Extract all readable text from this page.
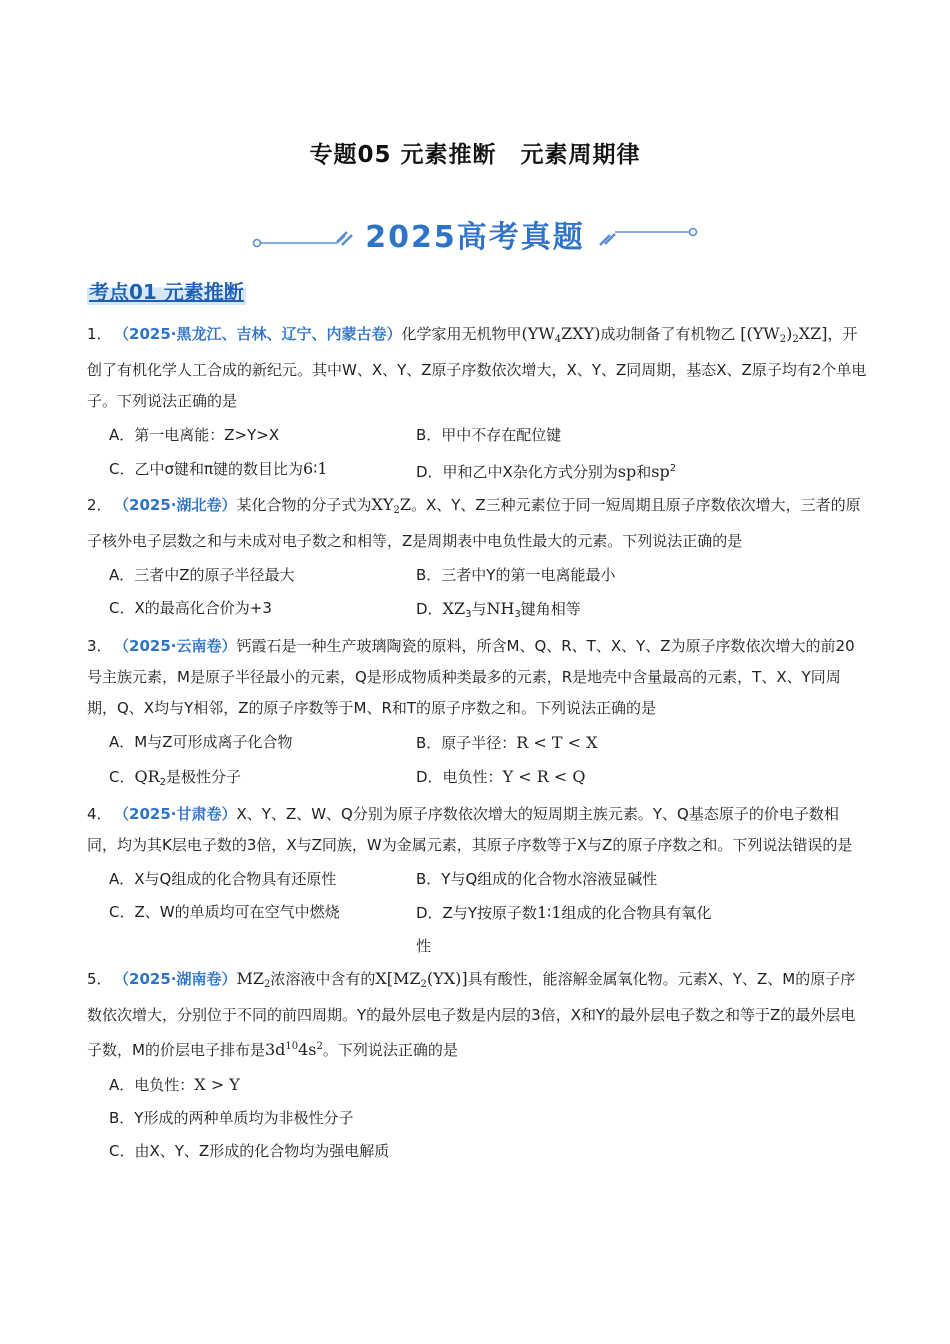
专题05 元素推断　元素周期律
2025高考真题
考点01 元素推断
1． （2025·黑龙江、吉林、辽宁、内蒙古卷）化学家用无机物甲$(YW_4ZXY)$成功制备了有机物乙 $[(YW_2)_2XZ]$，开创了有机化学人工合成的新纪元。其中W、X、Y、Z原子序数依次增大，X、Y、Z同周期，基态X、Z原子均有2个单电子。下列说法正确的是
A．第一电离能：Z>Y>X	B．甲中不存在配位键
C．乙中σ键和π键的数目比为6∶1	D．甲和乙中X杂化方式分别为sp和$sp^2$
2． （2025·湖北卷）某化合物的分子式为$XY_2Z$。X、Y、Z三种元素位于同一短周期且原子序数依次增大，三者的原子核外电子层数之和与未成对电子数之和相等，Z是周期表中电负性最大的元素。下列说法正确的是
A．三者中Z的原子半径最大	B．三者中Y的第一电离能最小
C．X的最高化合价为+3	D．$XZ_3$与$NH_3$键角相等
3． （2025·云南卷）钙霞石是一种生产玻璃陶瓷的原料，所含M、Q、R、T、X、Y、Z为原子序数依次增大的前20号主族元素，M是原子半径最小的元素，Q是形成物质种类最多的元素，R是地壳中含量最高的元素，T、X、Y同周期，Q、X均与Y相邻，Z的原子序数等于M、R和T的原子序数之和。下列说法正确的是
A．M与Z可形成离子化合物	B．原子半径：R < T < X
C．$QR_2$是极性分子	D．电负性：Y < R < Q
4． （2025·甘肃卷）X、Y、Z、W、Q分别为原子序数依次增大的短周期主族元素。Y、Q基态原子的价电子数相同，均为其K层电子数的3倍，X与Z同族，W为金属元素，其原子序数等于X与Z的原子序数之和。下列说法错误的是
A．X与Q组成的化合物具有还原性	B．Y与Q组成的化合物水溶液显碱性
C．Z、W的单质均可在空气中燃烧	D．Z与Y按原子数1∶1组成的化合物具有氧化性
5． （2025·湖南卷）$MZ_2$浓溶液中含有的$X[MZ_2(YX)]$具有酸性，能溶解金属氧化物。元素X、Y、Z、M的原子序数依次增大，分别位于不同的前四周期。Y的最外层电子数是内层的3倍，X和Y的最外层电子数之和等于Z的最外层电子数，M的价层电子排布是$3d^{10}4s^2$。下列说法正确的是
A．电负性：X > Y
B．Y形成的两种单质均为非极性分子
C．由X、Y、Z形成的化合物均为强电解质
